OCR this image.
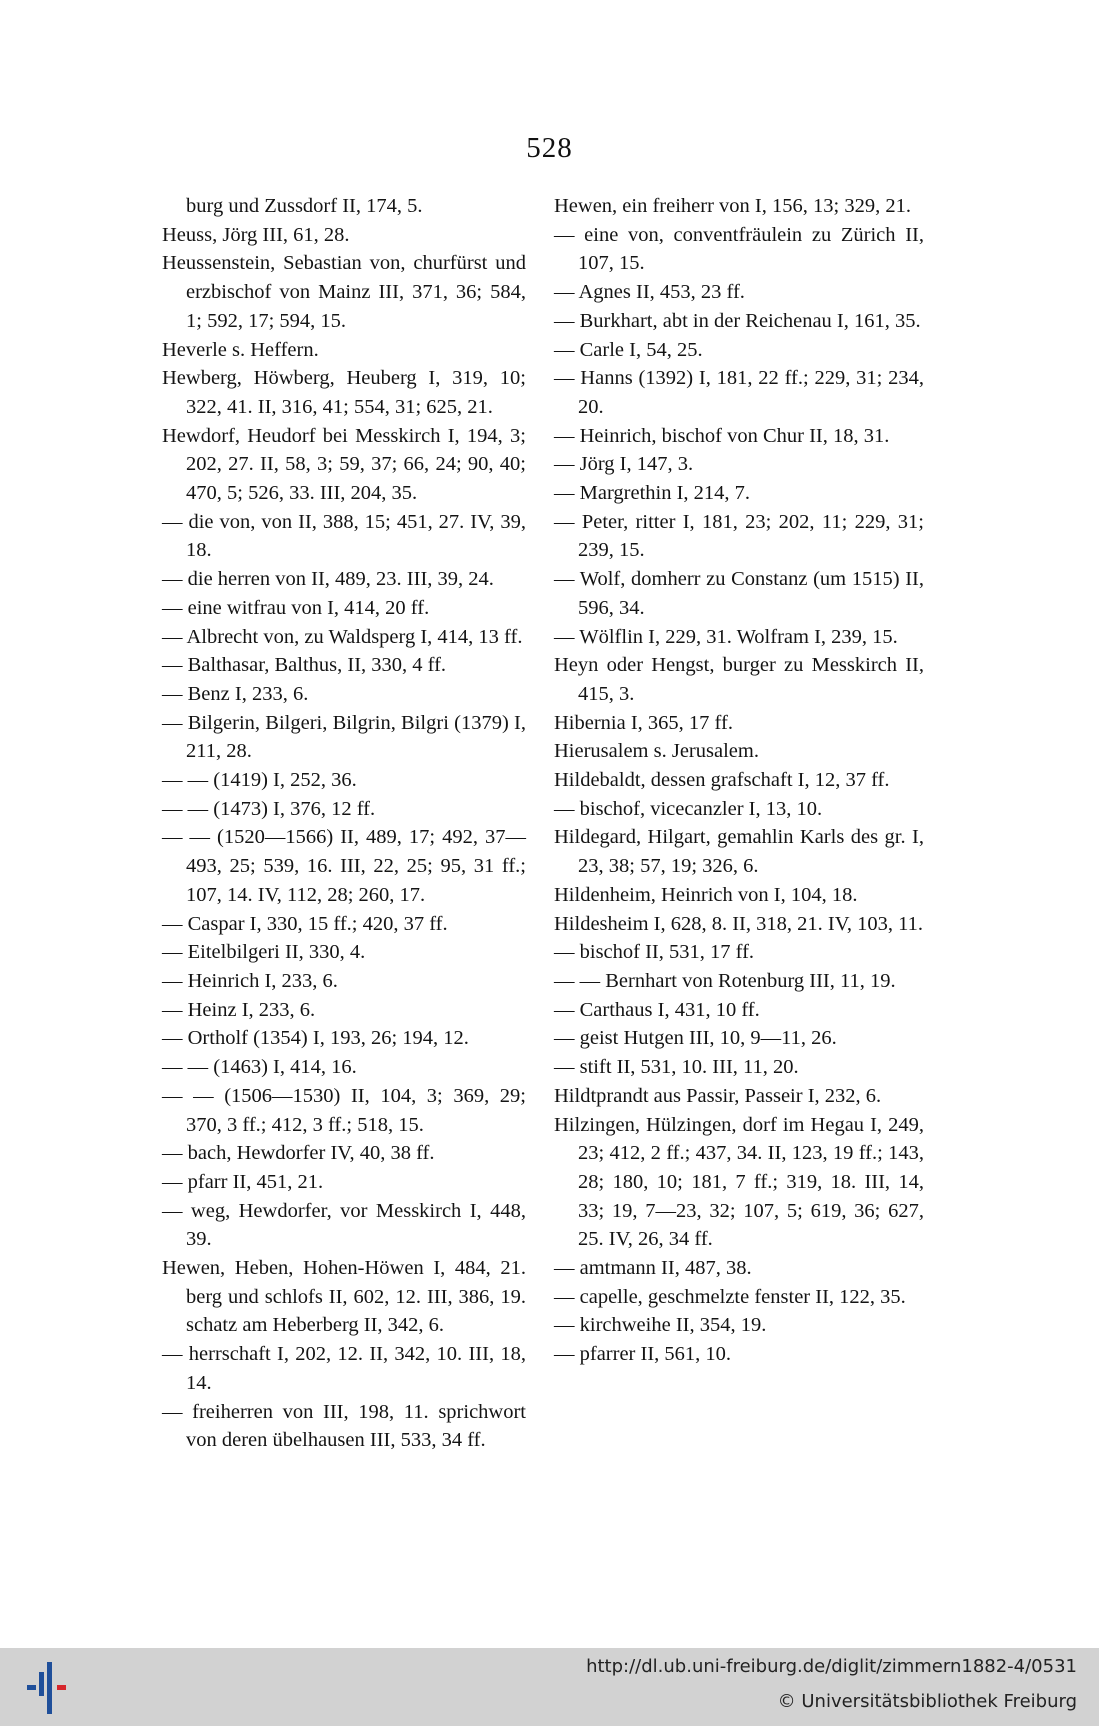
528
burg und Zussdorf II, 174, 5.
Heuss, Jörg III, 61, 28.
Heussenstein, Sebastian von, churfürst und erzbischof von Mainz III, 371, 36; 584, 1; 592, 17; 594, 15.
Heverle s. Heffern.
Hewberg, Höwberg, Heuberg I, 319, 10; 322, 41. II, 316, 41; 554, 31; 625, 21.
Hewdorf, Heudorf bei Messkirch I, 194, 3; 202, 27. II, 58, 3; 59, 37; 66, 24; 90, 40; 470, 5; 526, 33. III, 204, 35.
— die von, von II, 388, 15; 451, 27. IV, 39, 18.
— die herren von II, 489, 23. III, 39, 24.
— eine witfrau von I, 414, 20 ff.
— Albrecht von, zu Waldsperg I, 414, 13 ff.
— Balthasar, Balthus, II, 330, 4 ff.
— Benz I, 233, 6.
— Bilgerin, Bilgeri, Bilgrin, Bilgri (1379) I, 211, 28.
— — (1419) I, 252, 36.
— — (1473) I, 376, 12 ff.
— — (1520—1566) II, 489, 17; 492, 37—493, 25; 539, 16. III, 22, 25; 95, 31 ff.; 107, 14. IV, 112, 28; 260, 17.
— Caspar I, 330, 15 ff.; 420, 37 ff.
— Eitelbilgeri II, 330, 4.
— Heinrich I, 233, 6.
— Heinz I, 233, 6.
— Ortholf (1354) I, 193, 26; 194, 12.
— — (1463) I, 414, 16.
— — (1506—1530) II, 104, 3; 369, 29; 370, 3 ff.; 412, 3 ff.; 518, 15.
— bach, Hewdorfer IV, 40, 38 ff.
— pfarr II, 451, 21.
— weg, Hewdorfer, vor Messkirch I, 448, 39.
Hewen, Heben, Hohen-Höwen I, 484, 21. berg und schlofs II, 602, 12. III, 386, 19. schatz am Heberberg II, 342, 6.
— herrschaft I, 202, 12. II, 342, 10. III, 18, 14.
— freiherren von III, 198, 11. sprichwort von deren übelhausen III, 533, 34 ff.
Hewen, ein freiherr von I, 156, 13; 329, 21.
— eine von, conventfräulein zu Zürich II, 107, 15.
— Agnes II, 453, 23 ff.
— Burkhart, abt in der Reichenau I, 161, 35.
— Carle I, 54, 25.
— Hanns (1392) I, 181, 22 ff.; 229, 31; 234, 20.
— Heinrich, bischof von Chur II, 18, 31.
— Jörg I, 147, 3.
— Margrethin I, 214, 7.
— Peter, ritter I, 181, 23; 202, 11; 229, 31; 239, 15.
— Wolf, domherr zu Constanz (um 1515) II, 596, 34.
— Wölflin I, 229, 31. Wolfram I, 239, 15.
Heyn oder Hengst, burger zu Messkirch II, 415, 3.
Hibernia I, 365, 17 ff.
Hierusalem s. Jerusalem.
Hildebaldt, dessen grafschaft I, 12, 37 ff.
— bischof, vicecanzler I, 13, 10.
Hildegard, Hilgart, gemahlin Karls des gr. I, 23, 38; 57, 19; 326, 6.
Hildenheim, Heinrich von I, 104, 18.
Hildesheim I, 628, 8. II, 318, 21. IV, 103, 11.
— bischof II, 531, 17 ff.
— — Bernhart von Rotenburg III, 11, 19.
— Carthaus I, 431, 10 ff.
— geist Hutgen III, 10, 9—11, 26.
— stift II, 531, 10. III, 11, 20.
Hildtprandt aus Passir, Passeir I, 232, 6.
Hilzingen, Hülzingen, dorf im Hegau I, 249, 23; 412, 2 ff.; 437, 34. II, 123, 19 ff.; 143, 28; 180, 10; 181, 7 ff.; 319, 18. III, 14, 33; 19, 7—23, 32; 107, 5; 619, 36; 627, 25. IV, 26, 34 ff.
— amtmann II, 487, 38.
— capelle, geschmelzte fenster II, 122, 35.
— kirchweihe II, 354, 19.
— pfarrer II, 561, 10.
http://dl.ub.uni-freiburg.de/diglit/zimmern1882-4/0531
© Universitätsbibliothek Freiburg
